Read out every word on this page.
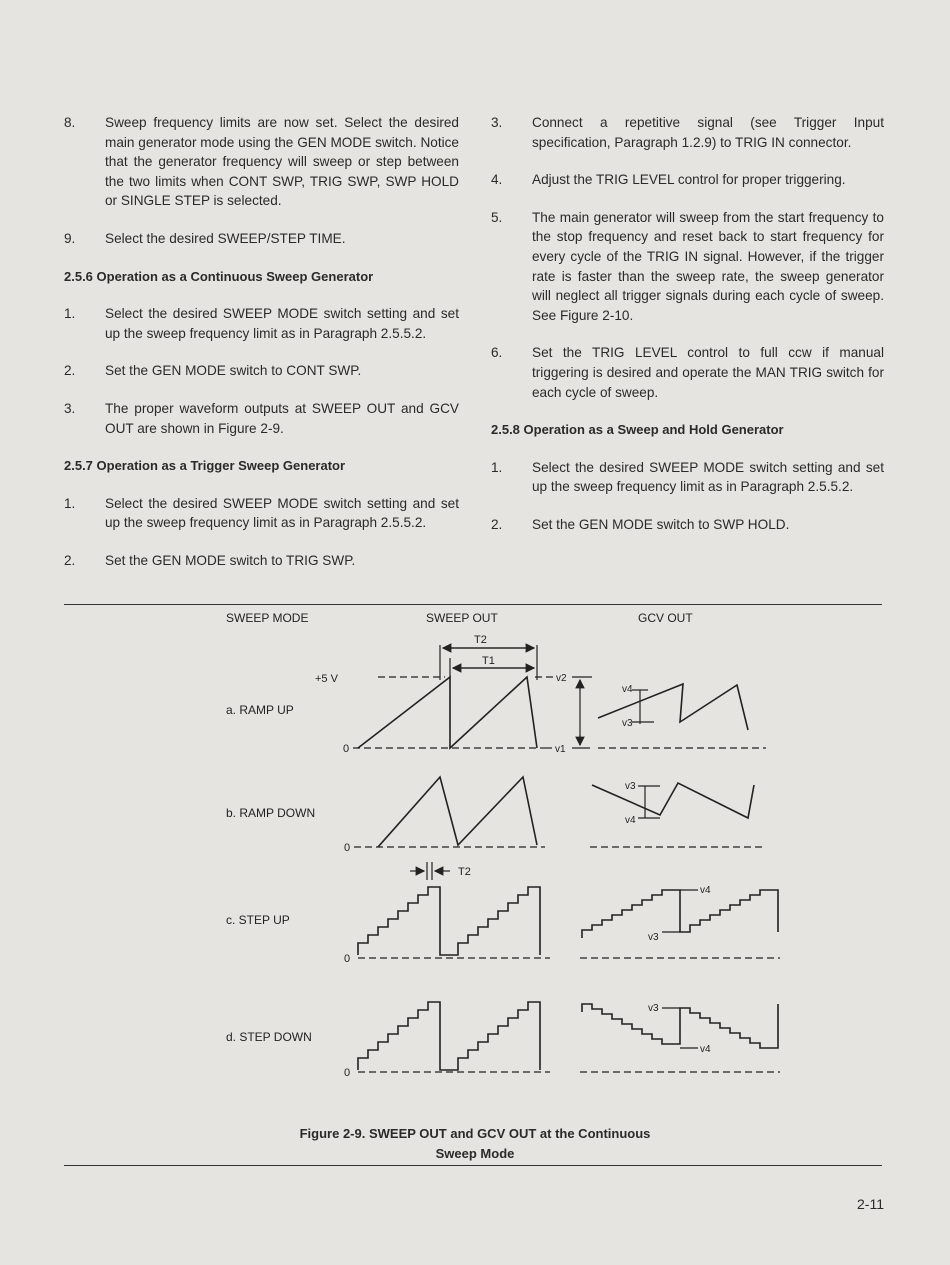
8.	Sweep frequency limits are now set. Select the desired main generator mode using the GEN MODE switch. Notice that the generator frequency will sweep or step between the two limits when CONT SWP, TRIG SWP, SWP HOLD or SINGLE STEP is selected.
9.	Select the desired SWEEP/STEP TIME.
2.5.6 Operation as a Continuous Sweep Generator
1.	Select the desired SWEEP MODE switch setting and set up the sweep frequency limit as in Paragraph 2.5.5.2.
2.	Set the GEN MODE switch to CONT SWP.
3.	The proper waveform outputs at SWEEP OUT and GCV OUT are shown in Figure 2-9.
2.5.7 Operation as a Trigger Sweep Generator
1.	Select the desired SWEEP MODE switch setting and set up the sweep frequency limit as in Paragraph 2.5.5.2.
2.	Set the GEN MODE switch to TRIG SWP.
3.	Connect a repetitive signal (see Trigger Input specification, Paragraph 1.2.9) to TRIG IN connector.
4.	Adjust the TRIG LEVEL control for proper triggering.
5.	The main generator will sweep from the start frequency to the stop frequency and reset back to start frequency for every cycle of the TRIG IN signal. However, if the trigger rate is faster than the sweep rate, the sweep generator will neglect all trigger signals during each cycle of sweep. See Figure 2-10.
6.	Set the TRIG LEVEL control to full ccw if manual triggering is desired and operate the MAN TRIG switch for each cycle of sweep.
2.5.8 Operation as a Sweep and Hold Generator
1.	Select the desired SWEEP MODE switch setting and set up the sweep frequency limit as in Paragraph 2.5.5.2.
2.	Set the GEN MODE switch to SWP HOLD.
SWEEP MODE	SWEEP OUT	GCV OUT
a. RAMP UP
b. RAMP DOWN
c. STEP UP
d. STEP DOWN
+5 V
0
T2
T1
v2
v1
v4
v3
0
v3
v4
T2
0
v4
v3
0
v3
v4
Figure 2-9. SWEEP OUT and GCV OUT at the Continuous
Sweep Mode
2-11
